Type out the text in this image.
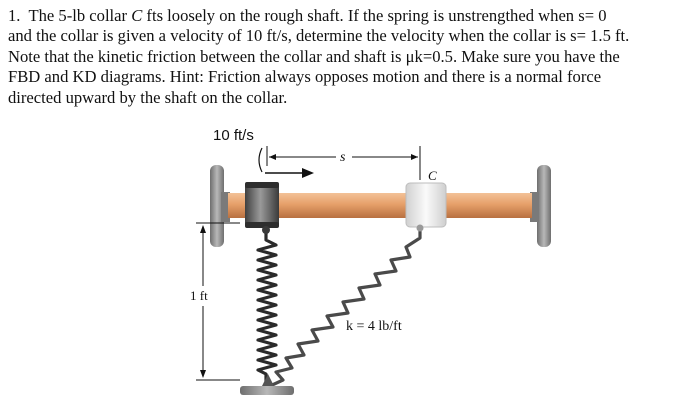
1. The 5-lb collar C fts loosely on the rough shaft. If the spring is unstrengthed when s= 0
and the collar is given a velocity of 10 ft/s, determine the velocity when the collar is s= 1.5 ft.
Note that the kinetic friction between the collar and shaft is μk=0.5. Make sure you have the
FBD and KD diagrams. Hint: Friction always opposes motion and there is a normal force
directed upward by the shaft on the collar.
10 ft/s
s
C
1 ft
k = 4 lb/ft
